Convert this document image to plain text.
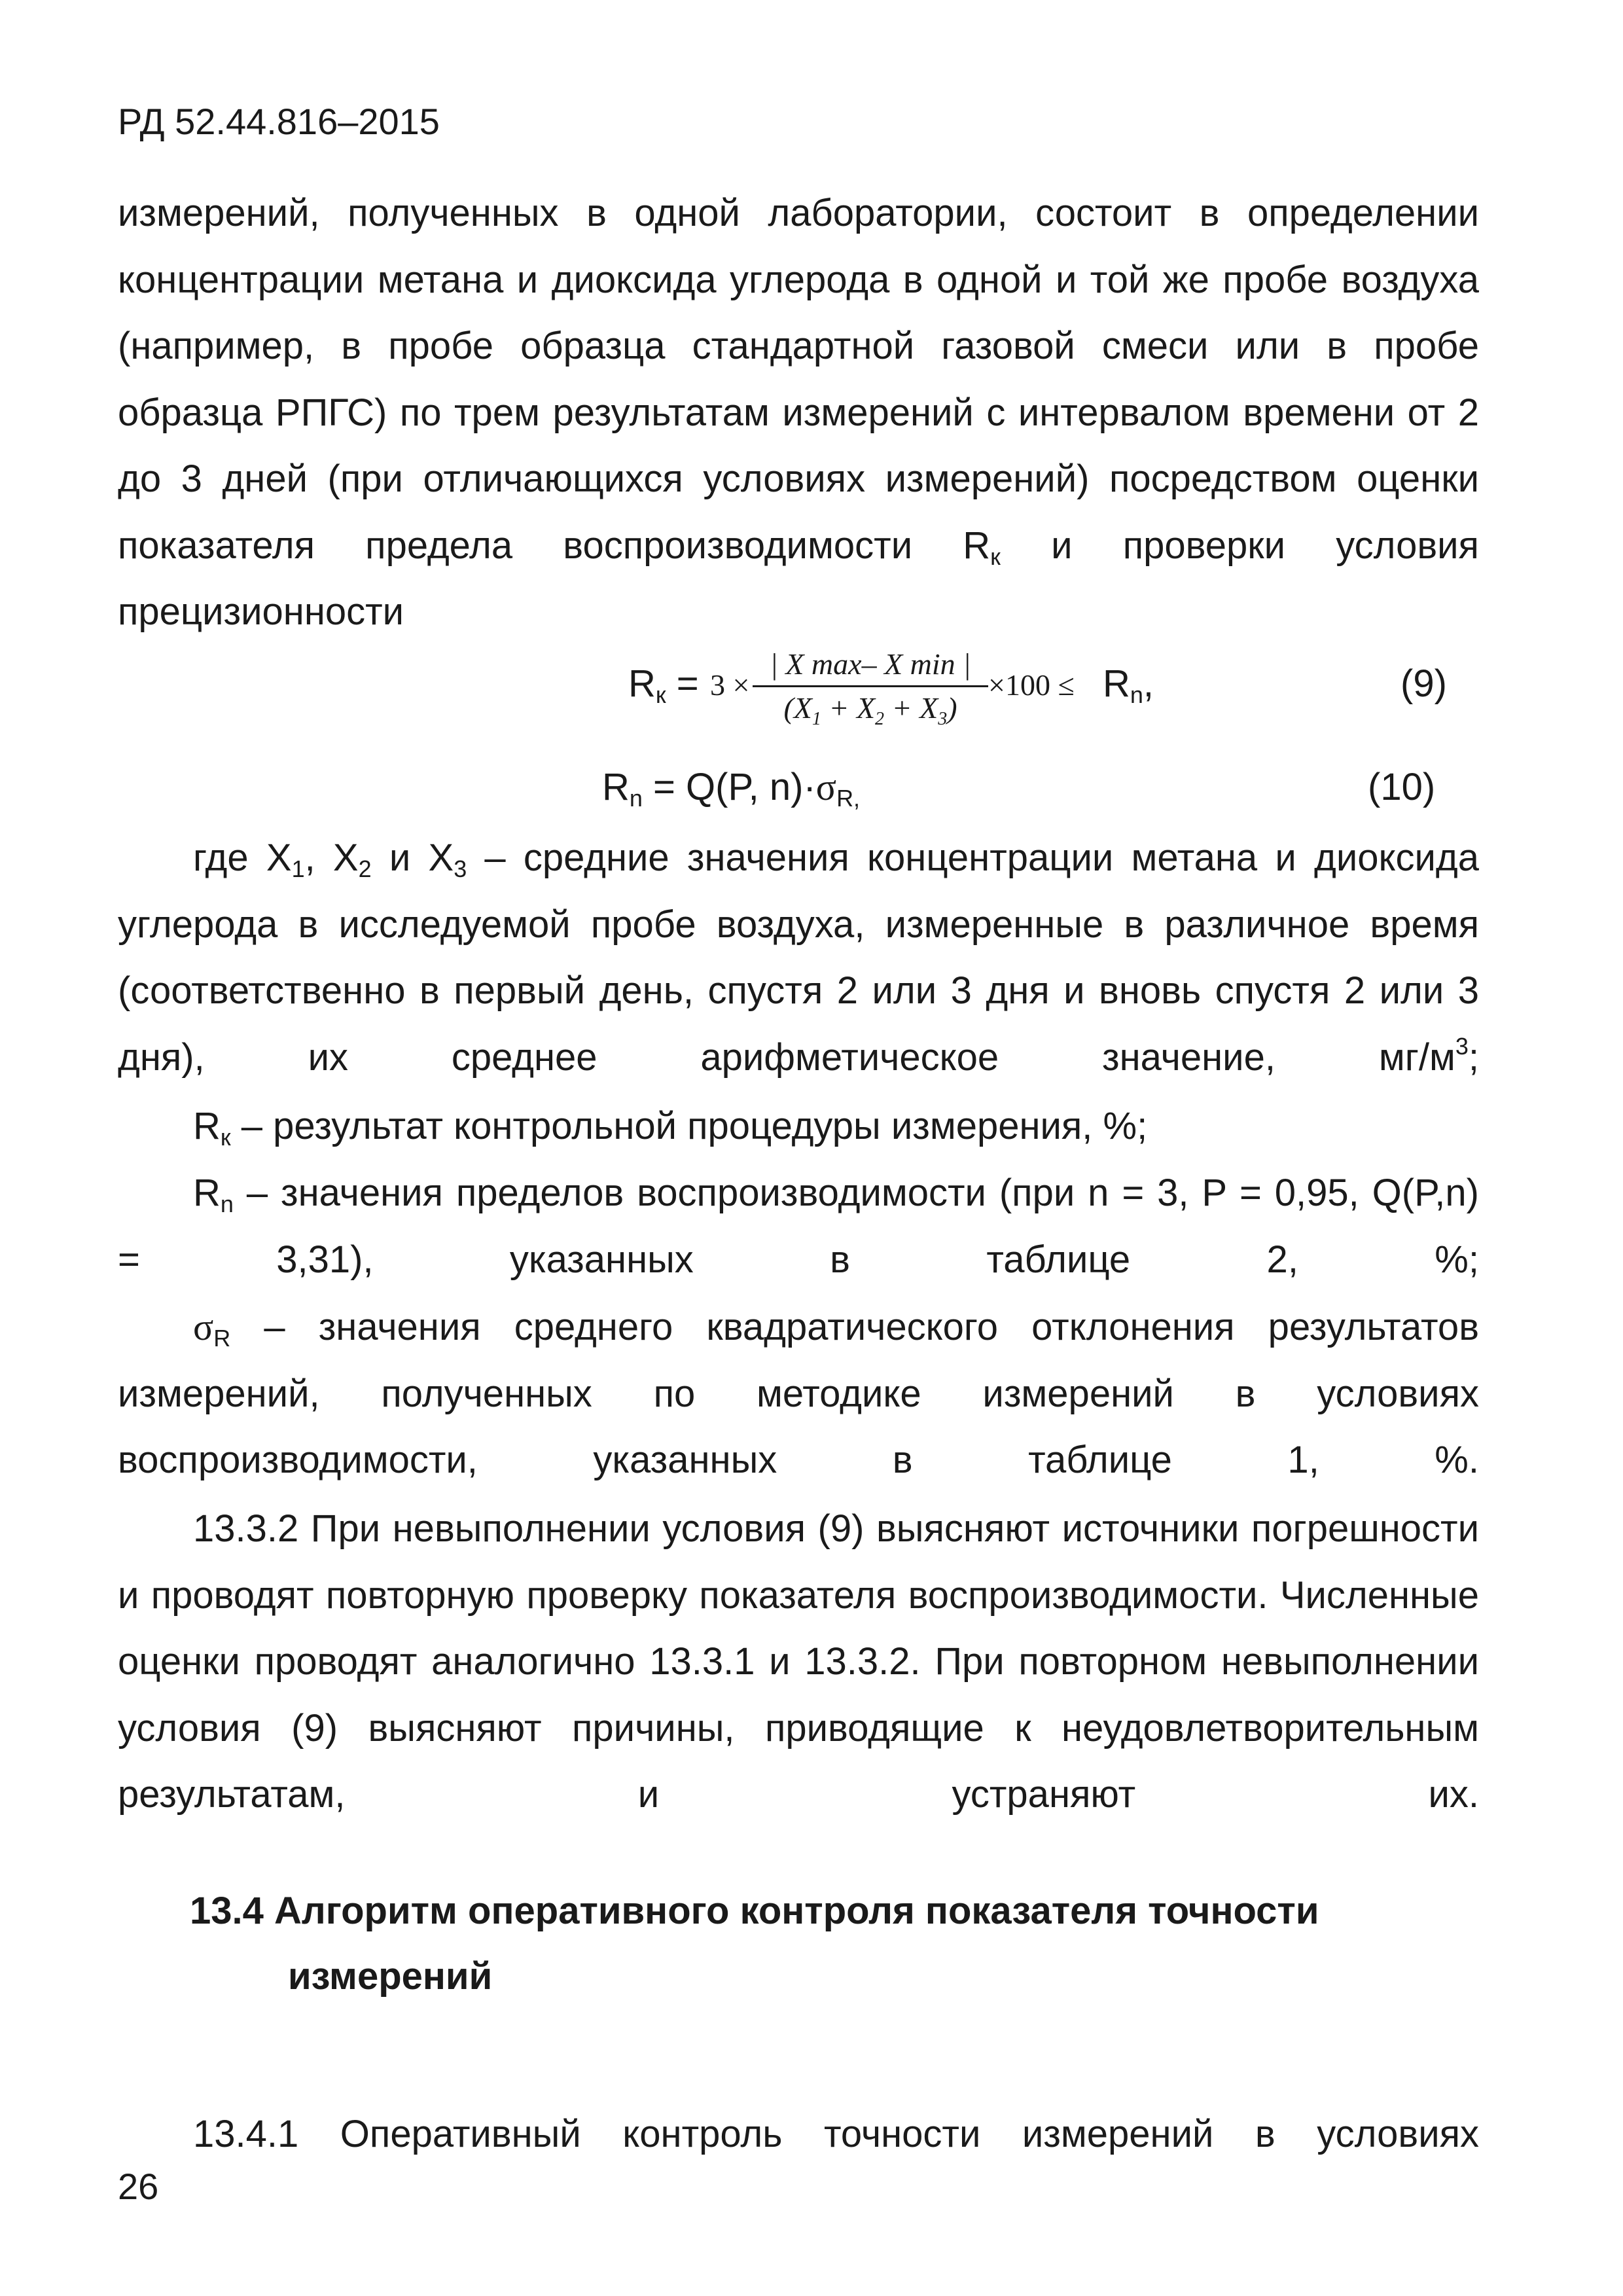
РД 52.44.816–2015
измерений, полученных в одной лаборатории, состоит в определении концентрации метана и диоксида углерода в одной и той же пробе воздуха (например, в пробе образца стандартной газовой смеси или в пробе образца РПГС) по трем результатам измерений с интервалом времени от 2 до 3 дней (при отличающихся условиях измерений) посредством оценки показателя предела воспроизводимости $R_к$ и проверки условия прецизионности
$R_к = 3$ ×
| X max– X min |
$(X_1 + X_2 + X_3)$
$\times 100 \le R_n$,	(9)
$R_n = Q(P$, $n)\cdot\sigma_{R,}$	(10)
где $X_1$, $X_2$ и $X_3$ – средние значения концентрации метана и диоксида углерода в исследуемой пробе воздуха, измеренные в различное время (соответственно в первый день, спустя 2 или 3 дня и вновь спустя 2 или 3 дня), их среднее арифметическое значение, $мг/м^3$;
$R_к$ – результат контрольной процедуры измерения, %;
$R_n$ – значения пределов воспроизводимости (при n = 3, P = 0,95, Q(P,n) = 3,31), указанных в таблице 2, %;
$\sigma_R$ – значения среднего квадратического отклонения результатов измерений, полученных по методике измерений в условиях воспроизводимости, указанных в таблице 1, %.
13.3.2 При невыполнении условия (9) выясняют источники погрешности и проводят повторную проверку показателя воспроизводимости. Численные оценки проводят аналогично 13.3.1 и 13.3.2. При повторном невыполнении условия (9) выясняют причины, приводящие к неудовлетворительным результатам, и устраняют их.
13.4 Алгоритм оперативного контроля показателя точности
измерений
13.4.1 Оперативный контроль точности измерений в условиях
26
